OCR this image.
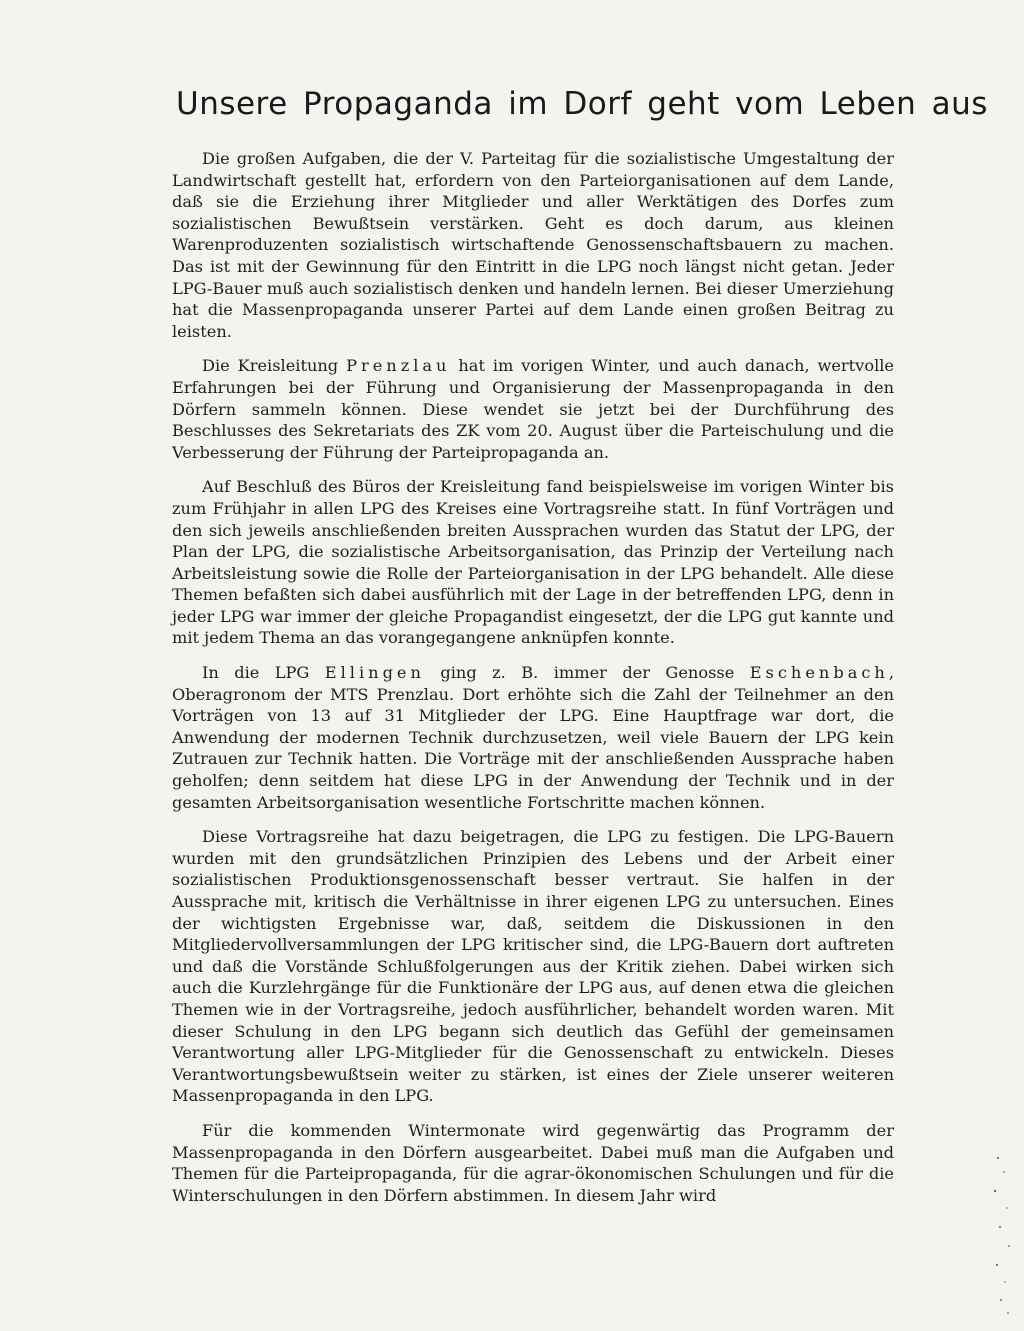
Unsere Propaganda im Dorf geht vom Leben aus

Die großen Aufgaben, die der V. Parteitag für die sozialistische Umgestaltung der Landwirtschaft gestellt hat, erfordern von den Parteiorganisationen auf dem Lande, daß sie die Erziehung ihrer Mitglieder und aller Werktätigen des Dorfes zum sozialistischen Bewußtsein verstärken. Geht es doch darum, aus kleinen Warenproduzenten sozialistisch wirtschaftende Genossenschaftsbauern zu machen. Das ist mit der Gewinnung für den Eintritt in die LPG noch längst nicht getan. Jeder LPG-Bauer muß auch sozialistisch denken und handeln lernen. Bei dieser Umerziehung hat die Massenpropaganda unserer Partei auf dem Lande einen großen Beitrag zu leisten.

Die Kreisleitung Prenzlau hat im vorigen Winter, und auch danach, wertvolle Erfahrungen bei der Führung und Organisierung der Massenpropaganda in den Dörfern sammeln können. Diese wendet sie jetzt bei der Durchführung des Beschlusses des Sekretariats des ZK vom 20. August über die Parteischulung und die Verbesserung der Führung der Parteipropaganda an.

Auf Beschluß des Büros der Kreisleitung fand beispielsweise im vorigen Winter bis zum Frühjahr in allen LPG des Kreises eine Vortragsreihe statt. In fünf Vorträgen und den sich jeweils anschließenden breiten Aussprachen wurden das Statut der LPG, der Plan der LPG, die sozialistische Arbeitsorganisation, das Prinzip der Verteilung nach Arbeitsleistung sowie die Rolle der Parteiorganisation in der LPG behandelt. Alle diese Themen befaßten sich dabei ausführlich mit der Lage in der betreffenden LPG, denn in jeder LPG war immer der gleiche Propagandist eingesetzt, der die LPG gut kannte und mit jedem Thema an das vorangegangene anknüpfen konnte.

In die LPG Ellingen ging z. B. immer der Genosse Eschenbach, Oberagronom der MTS Prenzlau. Dort erhöhte sich die Zahl der Teilnehmer an den Vorträgen von 13 auf 31 Mitglieder der LPG. Eine Hauptfrage war dort, die Anwendung der modernen Technik durchzusetzen, weil viele Bauern der LPG kein Zutrauen zur Technik hatten. Die Vorträge mit der anschließenden Aussprache haben geholfen; denn seitdem hat diese LPG in der Anwendung der Technik und in der gesamten Arbeitsorganisation wesentliche Fortschritte machen können.

Diese Vortragsreihe hat dazu beigetragen, die LPG zu festigen. Die LPG-Bauern wurden mit den grundsätzlichen Prinzipien des Lebens und der Arbeit einer sozialistischen Produktionsgenossenschaft besser vertraut. Sie halfen in der Aussprache mit, kritisch die Verhältnisse in ihrer eigenen LPG zu untersuchen. Eines der wichtigsten Ergebnisse war, daß, seitdem die Diskussionen in den Mitgliedervollversammlungen der LPG kritischer sind, die LPG-Bauern dort auftreten und daß die Vorstände Schlußfolgerungen aus der Kritik ziehen. Dabei wirken sich auch die Kurzlehrgänge für die Funktionäre der LPG aus, auf denen etwa die gleichen Themen wie in der Vortragsreihe, jedoch ausführlicher, behandelt worden waren. Mit dieser Schulung in den LPG begann sich deutlich das Gefühl der gemeinsamen Verantwortung aller LPG-Mitglieder für die Genossenschaft zu entwickeln. Dieses Verantwortungsbewußtsein weiter zu stärken, ist eines der Ziele unserer weiteren Massenpropaganda in den LPG.

Für die kommenden Wintermonate wird gegenwärtig das Programm der Massenpropaganda in den Dörfern ausgearbeitet. Dabei muß man die Aufgaben und Themen für die Parteipropaganda, für die agrar-ökonomischen Schulungen und für die Winterschulungen in den Dörfern abstimmen. In diesem Jahr wird
